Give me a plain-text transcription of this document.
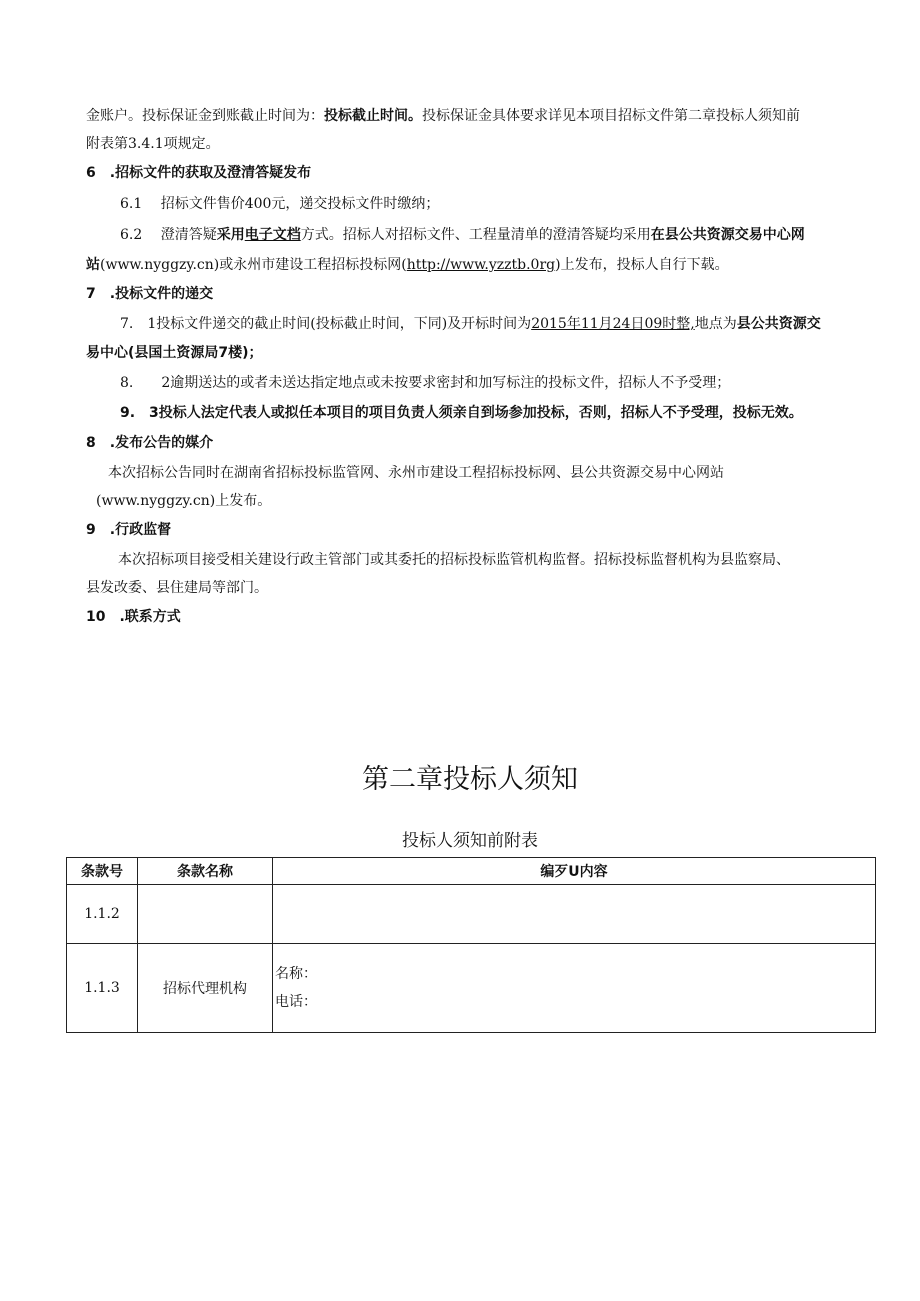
金账户。投标保证金到账截止时间为：投标截止时间。投标保证金具体要求详见本项目招标文件第二章投标人须知前
附表第3.4.1项规定。
6 .招标文件的获取及澄清答疑发布
6.1　 招标文件售价400元，递交投标文件时缴纳；
6.2　 澄清答疑采用电子文档方式。招标人对招标文件、工程量清单的澄清答疑均采用在县公共资源交易中心网
站(www.nyggzy.cn)或永州市建设工程招标投标网(http://www.yzztb.0rg)上发布，投标人自行下载。
7 .投标文件的递交
7.　1投标文件递交的截止时间(投标截止时间，下同)及开标时间为2015年11月24日09时整,地点为县公共资源交
易中心(县国土资源局7楼)；
8.　　2逾期送达的或者未送达指定地点或未按要求密封和加写标注的投标文件，招标人不予受理；
9.　3投标人法定代表人或拟任本项目的项目负责人须亲自到场参加投标，否则，招标人不予受理，投标无效。
8 .发布公告的媒介
本次招标公告同时在湖南省招标投标监管网、永州市建设工程招标投标网、县公共资源交易中心网站
(www.nyggzy.cn)上发布。
9 .行政监督
本次招标项目接受相关建设行政主管部门或其委托的招标投标监管机构监督。招标投标监督机构为县监察局、
县发改委、县住建局等部门。
10 .联系方式
第二章投标人须知
投标人须知前附表
条款号	条款名称	编歹U内容
1.1.2		
1.1.3	招标代理机构	名称：
电话：
